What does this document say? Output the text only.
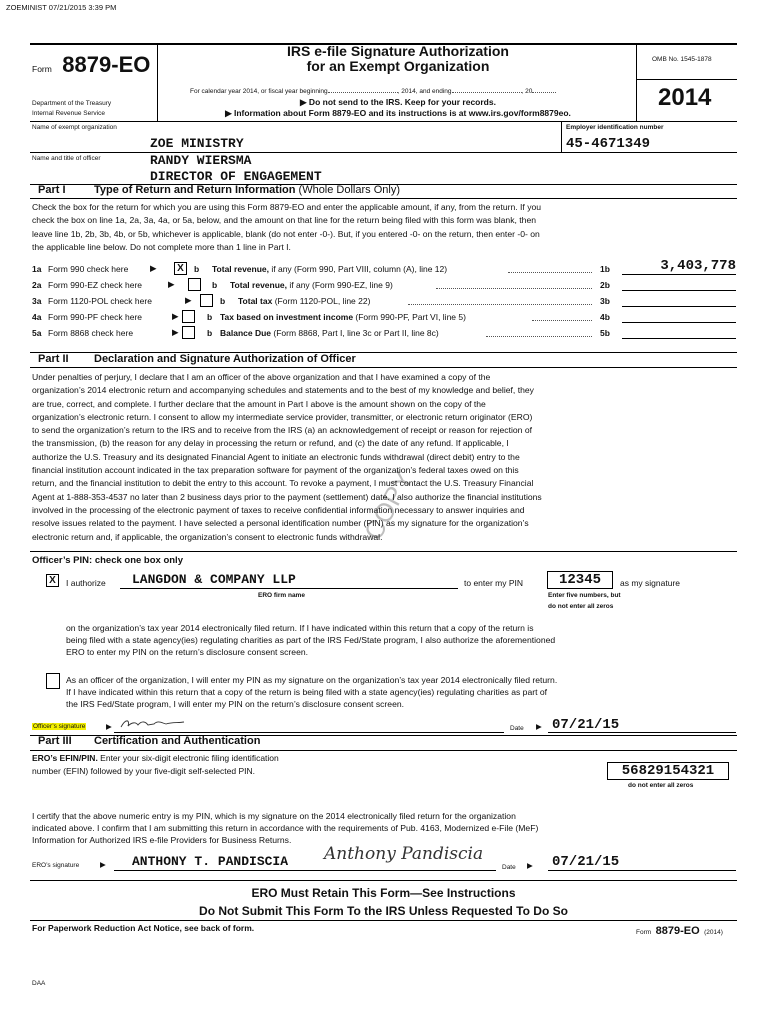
ZOEMINIST 07/21/2015 3:39 PM
Form 8879-EO
Department of the Treasury
Internal Revenue Service
IRS e-file Signature Authorization
for an Exempt Organization
For calendar year 2014, or fiscal year beginning	, 2014, and ending	, 20
▶ Do not send to the IRS. Keep for your records.
▶ Information about Form 8879-EO and its instructions is at www.irs.gov/form8879eo.
OMB No. 1545-1878
2014
Name of exempt organization	Employer identification number
ZOE MINISTRY	45-4671349
Name and title of officer	RANDY WIERSMA
DIRECTOR OF ENGAGEMENT
Part I	Type of Return and Return Information (Whole Dollars Only)
Check the box for the return for which you are using this Form 8879-EO and enter the applicable amount, if any, from the return. If you
check the box on line 1a, 2a, 3a, 4a, or 5a, below, and the amount on that line for the return being filed with this form was blank, then
leave line 1b, 2b, 3b, 4b, or 5b, whichever is applicable, blank (do not enter -0-). But, if you entered -0- on the return, then enter -0- on
the applicable line below. Do not complete more than 1 line in Part I.
1a Form 990 check here	▶	X	b Total revenue, if any (Form 990, Part VIII, column (A), line 12)	1b	3,403,778
2a Form 990-EZ check here	▶	b Total revenue, if any (Form 990-EZ, line 9)	2b
3a Form 1120-POL check here	▶	b Total tax (Form 1120-POL, line 22)	3b
4a Form 990-PF check here	▶	b Tax based on investment income (Form 990-PF, Part VI, line 5)	4b
5a Form 8868 check here	▶	b Balance Due (Form 8868, Part I, line 3c or Part II, line 8c)	5b
Part II Declaration and Signature Authorization of Officer
Under penalties of perjury, I declare that I am an officer of the above organization and that I have examined a copy of the
organization’s 2014 electronic return and accompanying schedules and statements and to the best of my knowledge and belief, they
are true, correct, and complete. I further declare that the amount in Part I above is the amount shown on the copy of the
organization’s electronic return. I consent to allow my intermediate service provider, transmitter, or electronic return originator (ERO)
to send the organization’s return to the IRS and to receive from the IRS (a) an acknowledgement of receipt or reason for rejection of
the transmission, (b) the reason for any delay in processing the return or refund, and (c) the date of any refund. If applicable, I
authorize the U.S. Treasury and its designated Financial Agent to initiate an electronic funds withdrawal (direct debit) entry to the
financial institution account indicated in the tax preparation software for payment of the organization’s federal taxes owed on this
return, and the financial institution to debit the entry to this account. To revoke a payment, I must contact the U.S. Treasury Financial
Agent at 1-888-353-4537 no later than 2 business days prior to the payment (settlement) date. I also authorize the financial institutions
involved in the processing of the electronic payment of taxes to receive confidential information necessary to answer inquiries and
resolve issues related to the payment. I have selected a personal identification number (PIN) as my signature for the organization’s
electronic return and, if applicable, the organization’s consent to electronic funds withdrawal.
COPY
Officer’s PIN: check one box only
X	I authorize LANGDON & COMPANY LLP
ERO firm name
to enter my PIN	12345	as my signature
Enter five numbers, but
do not enter all zeros
on the organization’s tax year 2014 electronically filed return. If I have indicated within this return that a copy of the return is
being filed with a state agency(ies) regulating charities as part of the IRS Fed/State program, I also authorize the aforementioned
ERO to enter my PIN on the return’s disclosure consent screen.
As an officer of the organization, I will enter my PIN as my signature on the organization’s tax year 2014 electronically filed return.
If I have indicated within this return that a copy of the return is being filed with a state agency(ies) regulating charities as part of
the IRS Fed/State program, I will enter my PIN on the return’s disclosure consent screen.
Officer’s signature	▶	Date ▶ 07/21/15
Part III Certification and Authentication
ERO’s EFIN/PIN. Enter your six-digit electronic filing identification
number (EFIN) followed by your five-digit self-selected PIN.	56829154321
do not enter all zeros
I certify that the above numeric entry is my PIN, which is my signature on the 2014 electronically filed return for the organization
indicated above. I confirm that I am submitting this return in accordance with the requirements of Pub. 4163, Modernized e-File (MeF)
Information for Authorized IRS e-file Providers for Business Returns.
ERO’s signature	▶ ANTHONY T. PANDISCIA Anthony Pandiscia
Date ▶ 07/21/15
ERO Must Retain This Form—See Instructions
Do Not Submit This Form To the IRS Unless Requested To Do So
For Paperwork Reduction Act Notice, see back of form.	Form 8879-EO (2014)
DAA
